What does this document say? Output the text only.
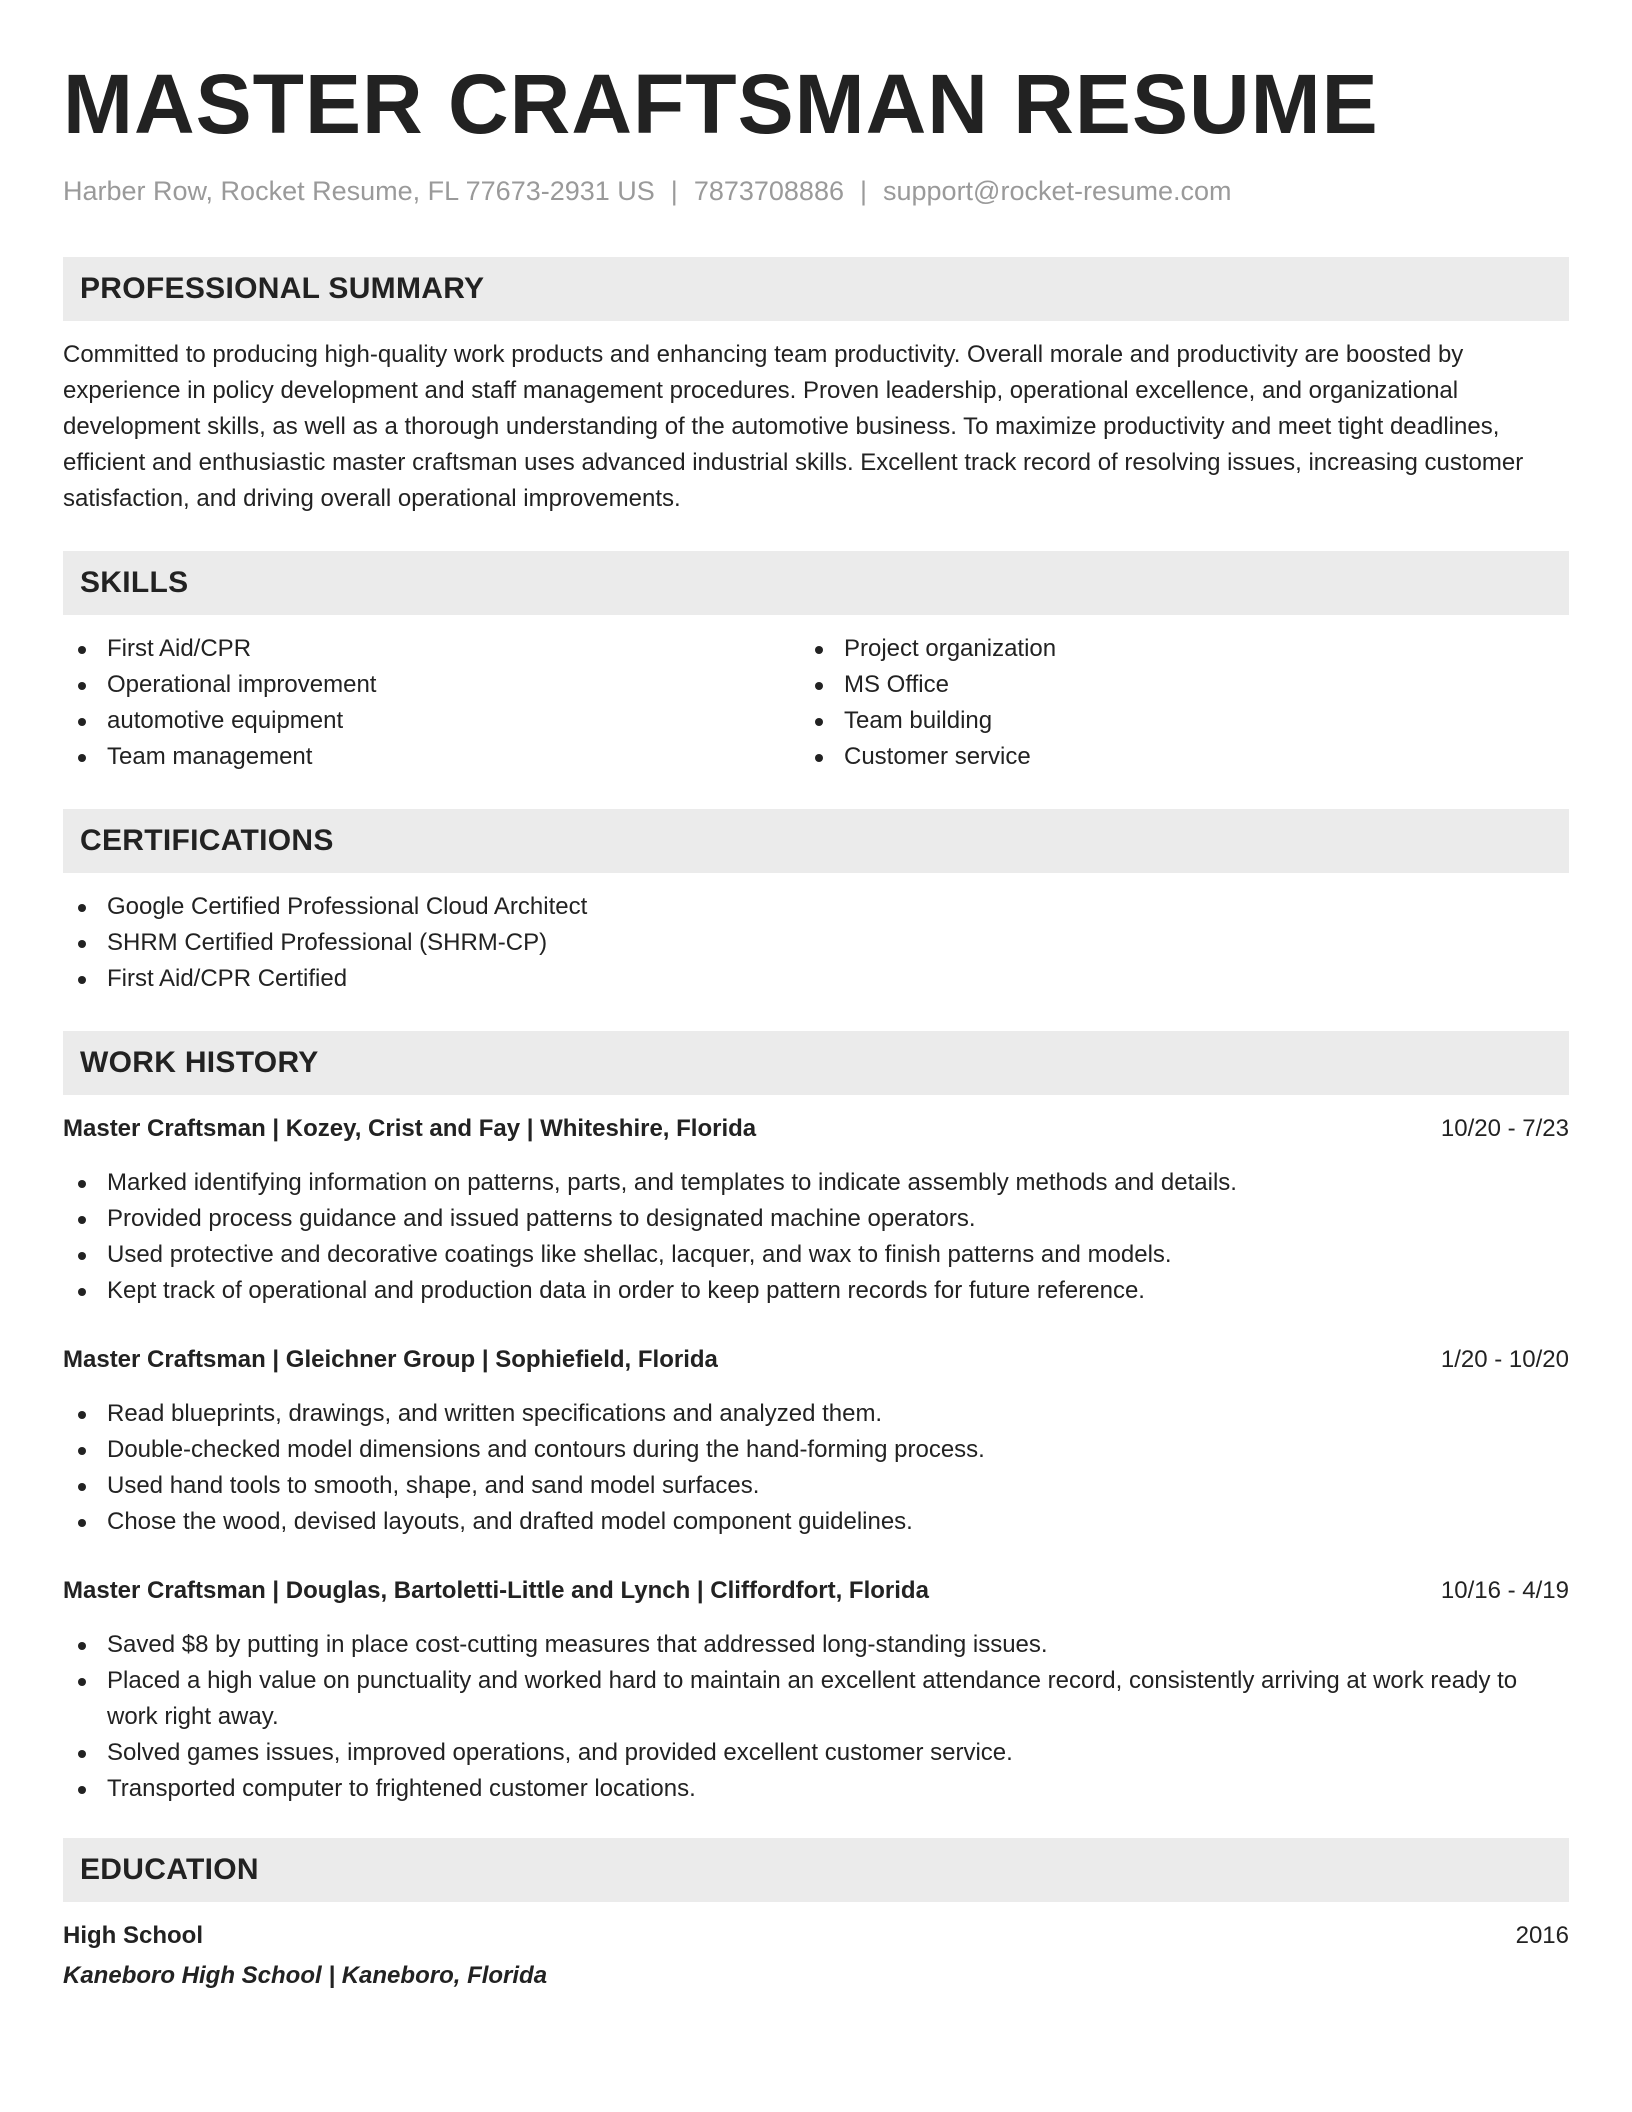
MASTER CRAFTSMAN RESUME
Harber Row, Rocket Resume, FL 77673-2931 US | 7873708886 | support@rocket-resume.com
PROFESSIONAL SUMMARY

Committed to producing high-quality work products and enhancing team productivity. Overall morale and productivity are boosted by experience in policy development and staff management procedures. Proven leadership, operational excellence, and organizational development skills, as well as a thorough understanding of the automotive business. To maximize productivity and meet tight deadlines, efficient and enthusiastic master craftsman uses advanced industrial skills. Excellent track record of resolving issues, increasing customer satisfaction, and driving overall operational improvements.

SKILLS
First Aid/CPR
Operational improvement
automotive equipment
Team management
Project organization
MS Office
Team building
Customer service
CERTIFICATIONS
Google Certified Professional Cloud Architect
SHRM Certified Professional (SHRM-CP)
First Aid/CPR Certified
WORK HISTORY
Master Craftsman | Kozey, Crist and Fay | Whiteshire, Florida	10/20 - 7/23
Marked identifying information on patterns, parts, and templates to indicate assembly methods and details.
Provided process guidance and issued patterns to designated machine operators.
Used protective and decorative coatings like shellac, lacquer, and wax to finish patterns and models.
Kept track of operational and production data in order to keep pattern records for future reference.
Master Craftsman | Gleichner Group | Sophiefield, Florida	1/20 - 10/20
Read blueprints, drawings, and written specifications and analyzed them.
Double-checked model dimensions and contours during the hand-forming process.
Used hand tools to smooth, shape, and sand model surfaces.
Chose the wood, devised layouts, and drafted model component guidelines.
Master Craftsman | Douglas, Bartoletti-Little and Lynch | Cliffordfort, Florida	10/16 - 4/19
Saved $8 by putting in place cost-cutting measures that addressed long-standing issues.
Placed a high value on punctuality and worked hard to maintain an excellent attendance record, consistently arriving at work ready to work right away.
Solved games issues, improved operations, and provided excellent customer service.
Transported computer to frightened customer locations.
EDUCATION
High School	2016
Kaneboro High School | Kaneboro, Florida
